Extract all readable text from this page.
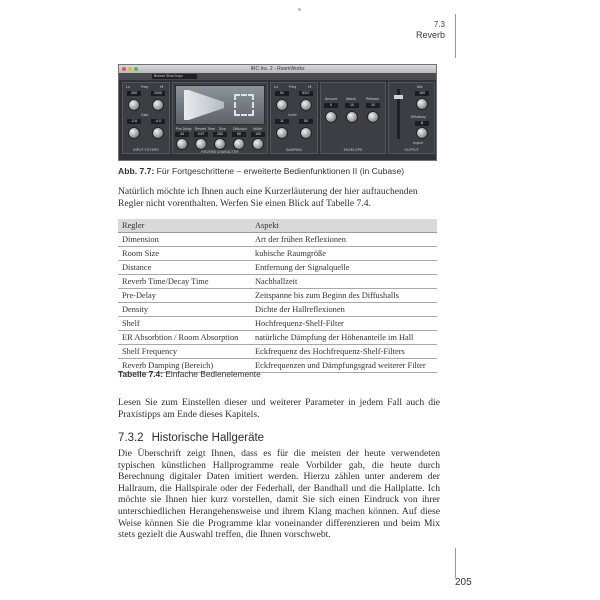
7.3
Reverb
IRC Inc. 2 - RoomWorks
Breeze Short Impu
Lo	Freq	Hi
250	2000
Gain
-2.6	-4.0
INPUT FILTERS
Pre-Delay Reverb Time Size Diffusion Width
44	0.67	250	50	100
REVERB CHARACTER
Lo	Freq	Hi
91	5317
Level
11	50
DAMPING
Amount	Attack	Release
0	10	10
ENVELOPE
Mix
100
Efficiency
8
export
OUTPUT
Abb. 7.7: Für Fortgeschrittene – erweiterte Bedienfunktionen II (in Cubase)
Natürlich möchte ich Ihnen auch eine Kurzerläuterung der hier auftauchenden Regler nicht vorenthalten. Werfen Sie einen Blick auf Tabelle 7.4.
Regler	Aspekt
Dimension	Art der frühen Reflexionen
Room Size	kubische Raumgröße
Distance	Entfernung der Signalquelle
Reverb Time/Decay Time	Nachhallzeit
Pre-Delay	Zeitspanne bis zum Beginn des Diffushalls
Density	Dichte der Hallreflexionen
Shelf	Hochfrequenz-Shelf-Filter
ER Absorbtion / Room Absorption	natürliche Dämpfung der Höhenanteile im Hall
Shelf Frequency	Eckfrequenz des Hochfrequenz-Shelf-Filters
Reverb Damping (Bereich)	Eckfrequenzen und Dämpfungsgrad weiterer Filter
Tabelle 7.4: Einfache Bedienelemente
Lesen Sie zum Einstellen dieser und weiterer Parameter in jedem Fall auch die Praxistipps am Ende dieses Kapitels.
7.3.2 Historische Hallgeräte
Die Überschrift zeigt Ihnen, dass es für die meisten der heute verwendeten typischen künstlichen Hallprogramme reale Vorbilder gab, die heute durch Berechnung digitaler Daten imitiert werden. Hierzu zählen unter anderem der Hallraum, die Hallspirale oder der Federhall, der Bandhall und die Hallplatte. Ich möchte sie Ihnen hier kurz vorstellen, damit Sie sich einen Eindruck von ihrer unterschiedlichen Herangehensweise und ihrem Klang machen können. Auf diese Weise können Sie die Programme klar voneinander differenzieren und beim Mix stets gezielt die Auswahl treffen, die Ihnen vorschwebt.
205
